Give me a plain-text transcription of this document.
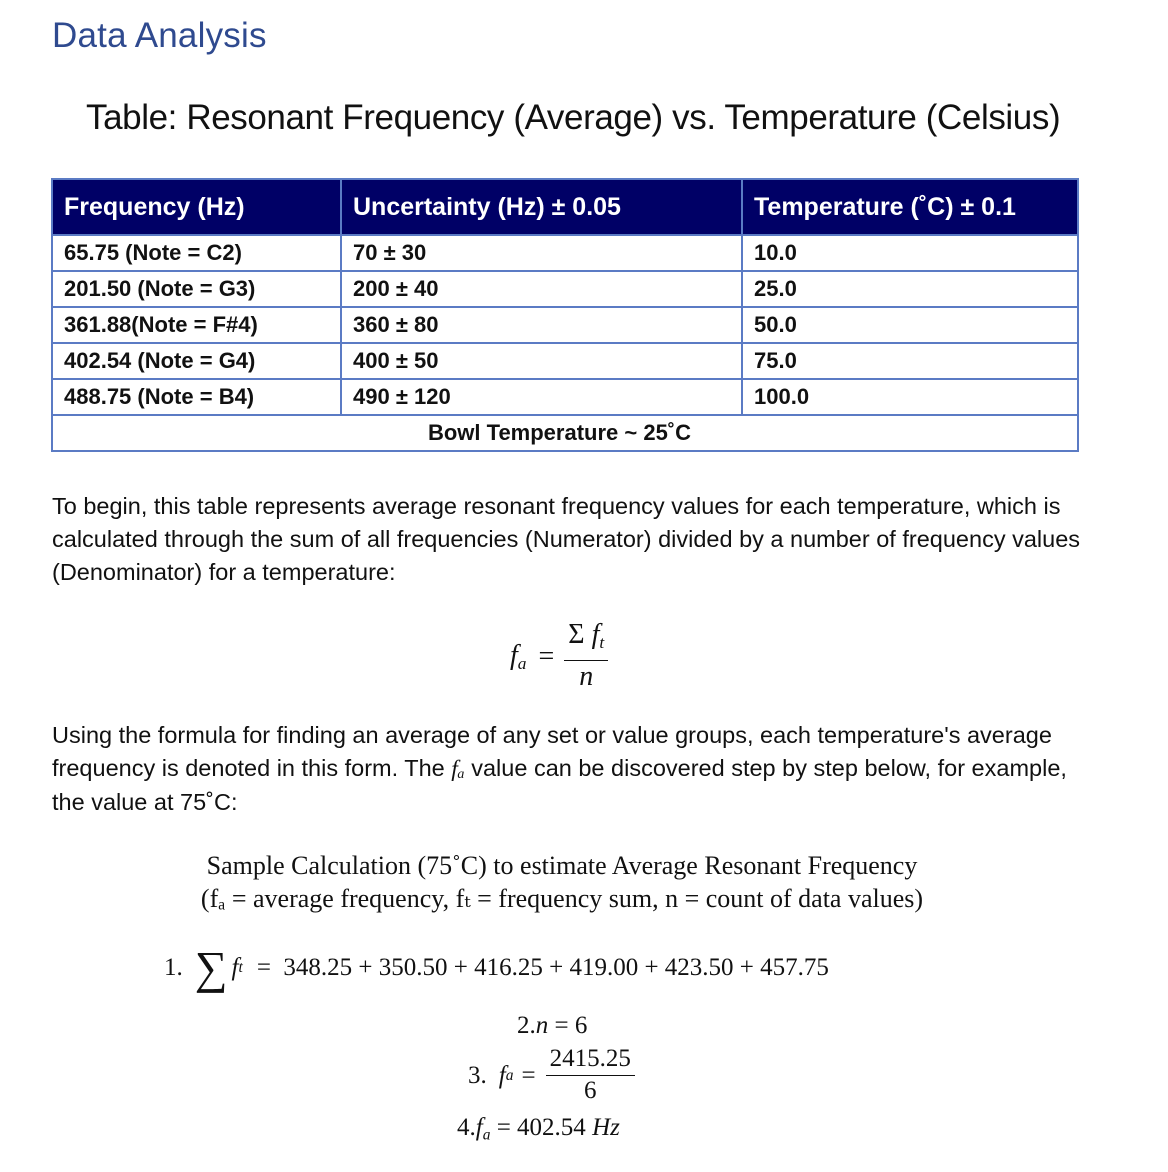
Data Analysis
Table: Resonant Frequency (Average) vs. Temperature (Celsius)
Frequency (Hz)	Uncertainty (Hz) ± 0.05	Temperature (˚C) ± 0.1
65.75 (Note = C2)	70 ± 30	10.0
201.50 (Note = G3)	200 ± 40	25.0
361.88(Note = F#4)	360 ± 80	50.0
402.54 (Note = G4)	400 ± 50	75.0
488.75 (Note = B4)	490 ± 120	100.0
Bowl Temperature ~ 25˚C		

To begin, this table represents average resonant frequency values for each temperature, which is calculated through the sum of all frequencies (Numerator) divided by a number of frequency values (Denominator) for a temperature:

$f_a = \frac{\Sigma f_t}{n}$

Using the formula for finding an average of any set or value groups, each temperature's average frequency is denoted in this form. The fₐ value can be discovered step by step below, for example, the value at 75˚C:

Sample Calculation (75˚C) to estimate Average Resonant Frequency
(fₐ = average frequency, fₜ = frequency sum, n = count of data values)
1. ∑ f t =  348.25 + 350.50 + 416.25 + 419.00 + 423.50 + 457.75
2.n = 6
3. f $a = \frac{2415.25}{6}$
$4.f_a = 402.54$ Hz
